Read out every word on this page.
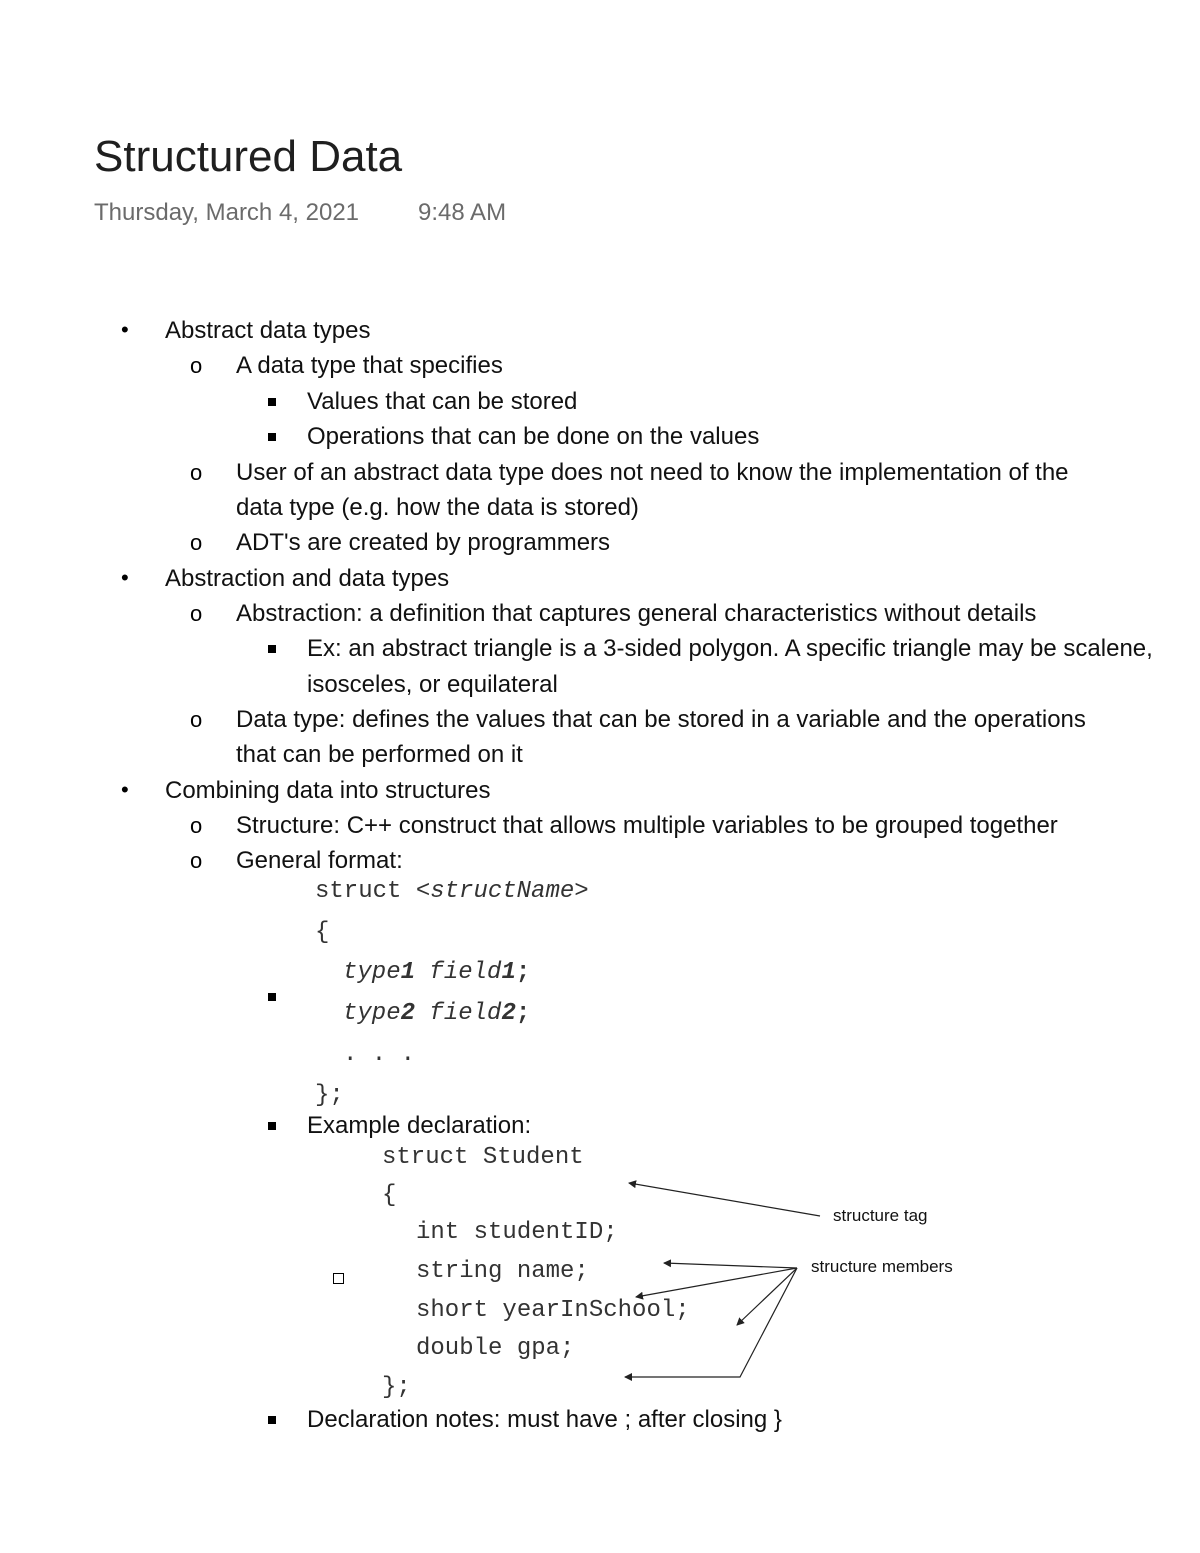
Structured Data
Thursday, March 4, 2021 9:48 AM
• Abstract data types
o A data type that specifies
Values that can be stored
Operations that can be done on the values
o User of an abstract data type does not need to know the implementation of the
data type (e.g. how the data is stored)
o ADT's are created by programmers
• Abstraction and data types
o Abstraction: a definition that captures general characteristics without details
Ex: an abstract triangle is a 3-sided polygon. A specific triangle may be scalene,
isosceles, or equilateral
o Data type: defines the values that can be stored in a variable and the operations
that can be performed on it
• Combining data into structures
o Structure: C++ construct that allows multiple variables to be grouped together
o General format:
struct <structName>
{
type1 field1;
type2 field2;
. . .
};
Example declaration:
struct Student
{
int studentID;
string name;
short yearInSchool;
double gpa;
};
structure tag
structure members
Declaration notes: must have ; after closing }
